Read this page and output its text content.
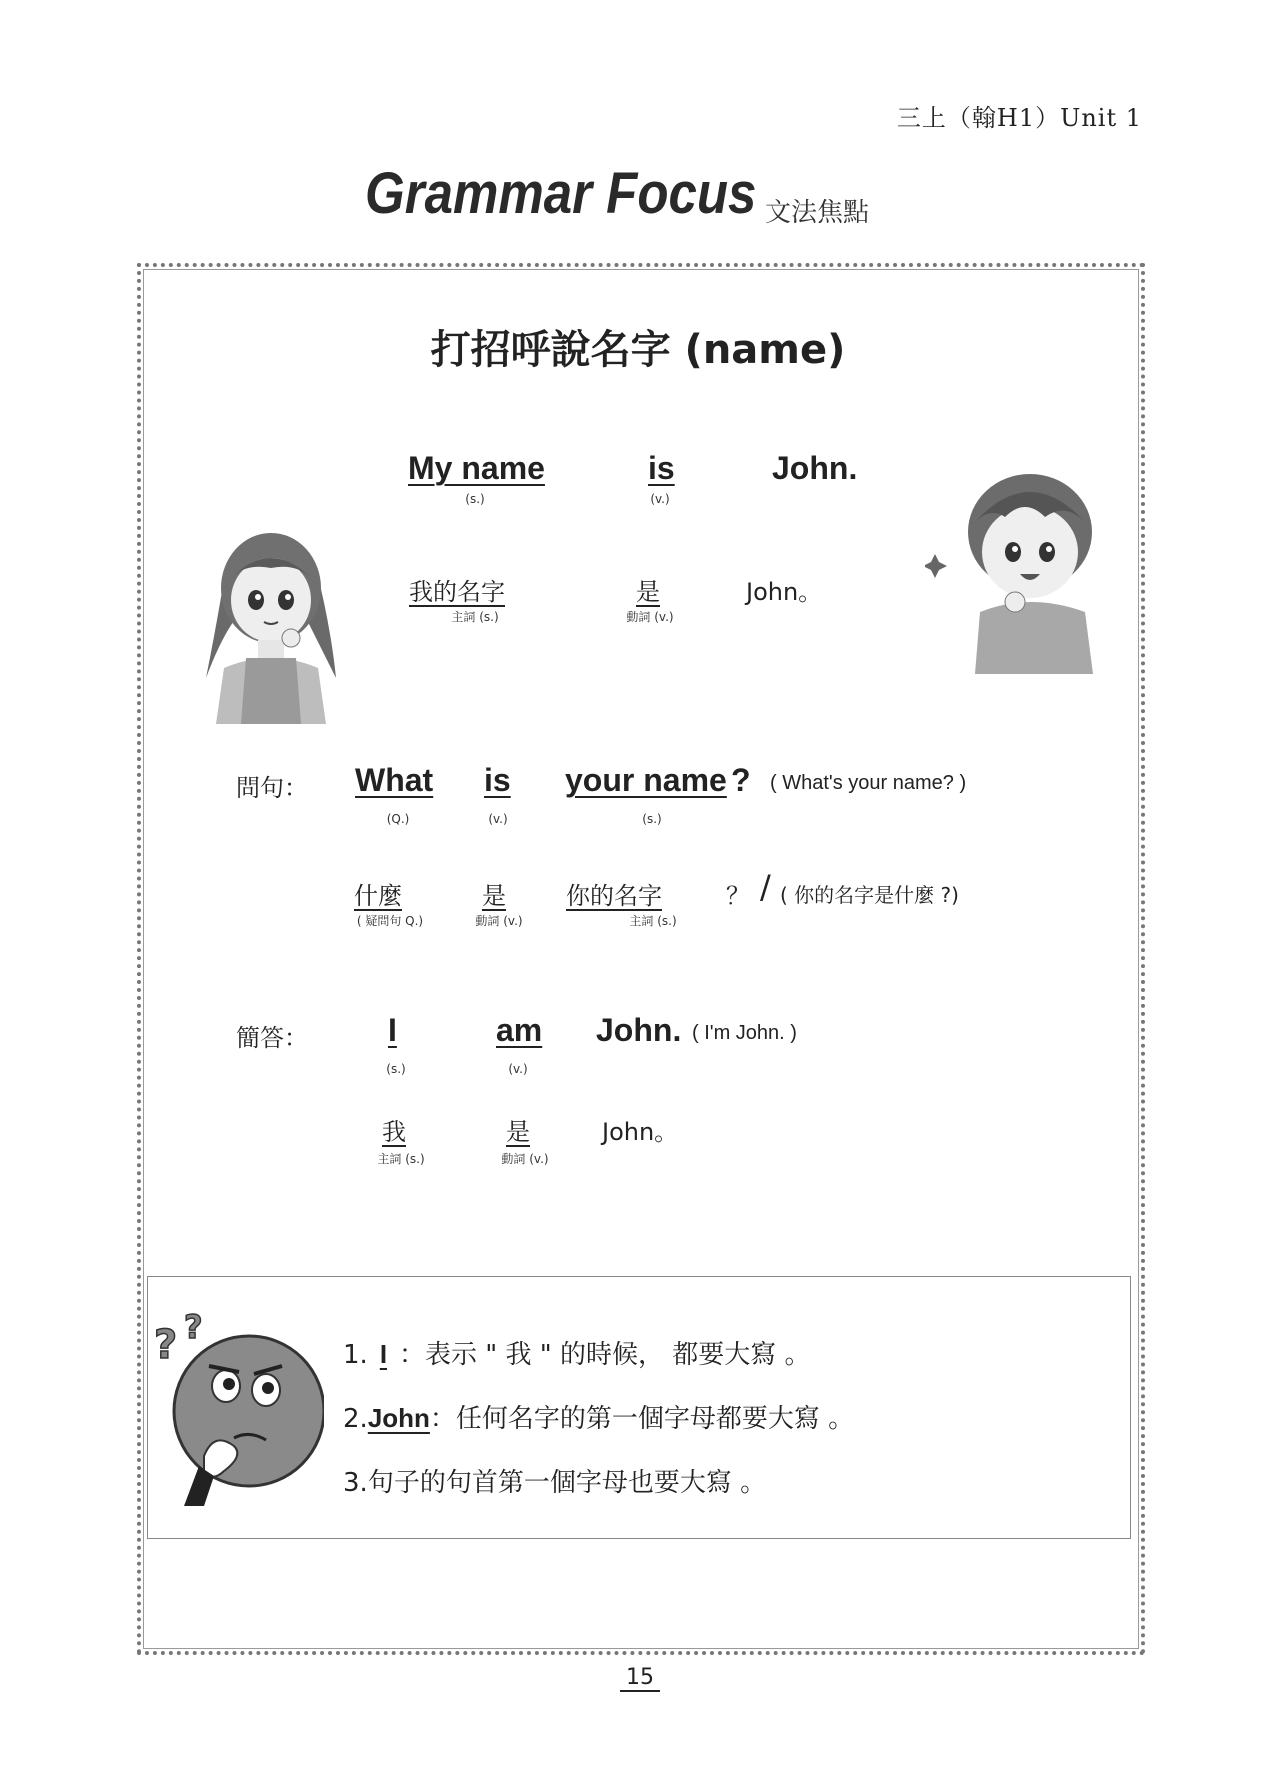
三上（翰H1）Unit 1
Grammar Focus 文法焦點
打招呼說名字 (name)
My name
(s.)
is
(v.)
John.
我的名字
主詞 (s.)
是
動詞 (v.)
John。
問句： What
(Q.)
is
(v.)
your name
(s.)
? ( What's your name? )
什麼
( 疑問句 Q.)
是
動詞 (v.)
你的名字
主詞 (s.)
？ / ( 你的名字是什麼 ?)
簡答：	I
(s.)
am
(v.)
John. ( I'm John. )
我
主詞 (s.)
是
動詞 (v.)
John。
? ?
1. I ：表示 " 我 " 的時候， 都要大寫 。
2.John：任何名字的第一個字母都要大寫 。
3.句子的句首第一個字母也要大寫 。
15
